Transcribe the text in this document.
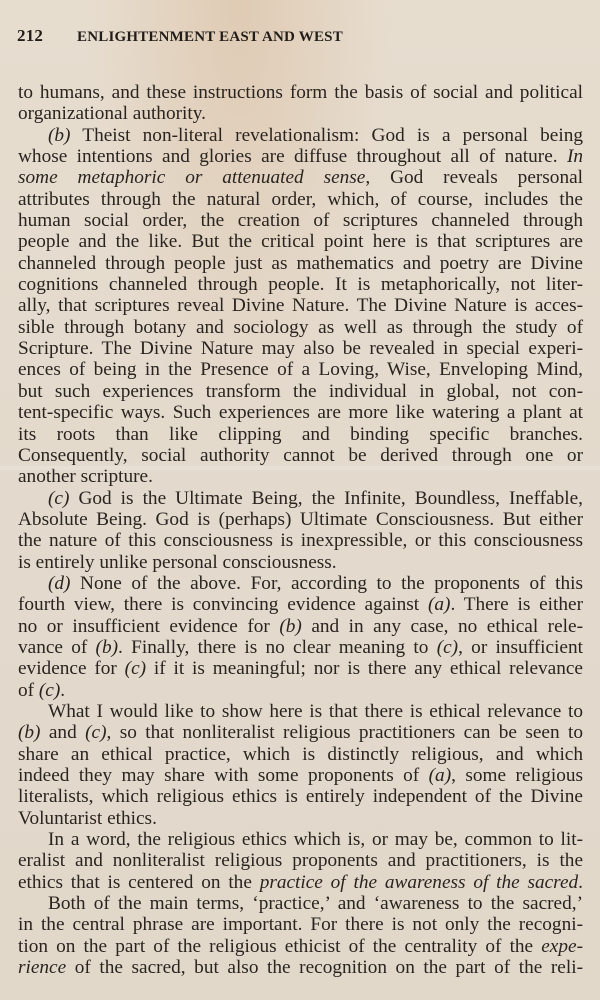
212 ENLIGHTENMENT EAST AND WEST
to humans, and these instructions form the basis of social and political
organizational authority.
(b) Theist non-literal revelationalism: God is a personal being
whose intentions and glories are diffuse throughout all of nature. In
some metaphoric or attenuated sense, God reveals personal
attributes through the natural order, which, of course, includes the
human social order, the creation of scriptures channeled through
people and the like. But the critical point here is that scriptures are
channeled through people just as mathematics and poetry are Divine
cognitions channeled through people. It is metaphorically, not liter-
ally, that scriptures reveal Divine Nature. The Divine Nature is acces-
sible through botany and sociology as well as through the study of
Scripture. The Divine Nature may also be revealed in special experi-
ences of being in the Presence of a Loving, Wise, Enveloping Mind,
but such experiences transform the individual in global, not con-
tent-specific ways. Such experiences are more like watering a plant at
its roots than like clipping and binding specific branches.
Consequently, social authority cannot be derived through one or
another scripture.
(c) God is the Ultimate Being, the Infinite, Boundless, Ineffable,
Absolute Being. God is (perhaps) Ultimate Consciousness. But either
the nature of this consciousness is inexpressible, or this consciousness
is entirely unlike personal consciousness.
(d) None of the above. For, according to the proponents of this
fourth view, there is convincing evidence against (a). There is either
no or insufficient evidence for (b) and in any case, no ethical rele-
vance of (b). Finally, there is no clear meaning to (c), or insufficient
evidence for (c) if it is meaningful; nor is there any ethical relevance
of (c).
What I would like to show here is that there is ethical relevance to
(b) and (c), so that nonliteralist religious practitioners can be seen to
share an ethical practice, which is distinctly religious, and which
indeed they may share with some proponents of (a), some religious
literalists, which religious ethics is entirely independent of the Divine
Voluntarist ethics.
In a word, the religious ethics which is, or may be, common to lit-
eralist and nonliteralist religious proponents and practitioners, is the
ethics that is centered on the practice of the awareness of the sacred.
Both of the main terms, ‘practice,’ and ‘awareness to the sacred,’
in the central phrase are important. For there is not only the recogni-
tion on the part of the religious ethicist of the centrality of the expe-
rience of the sacred, but also the recognition on the part of the reli-
